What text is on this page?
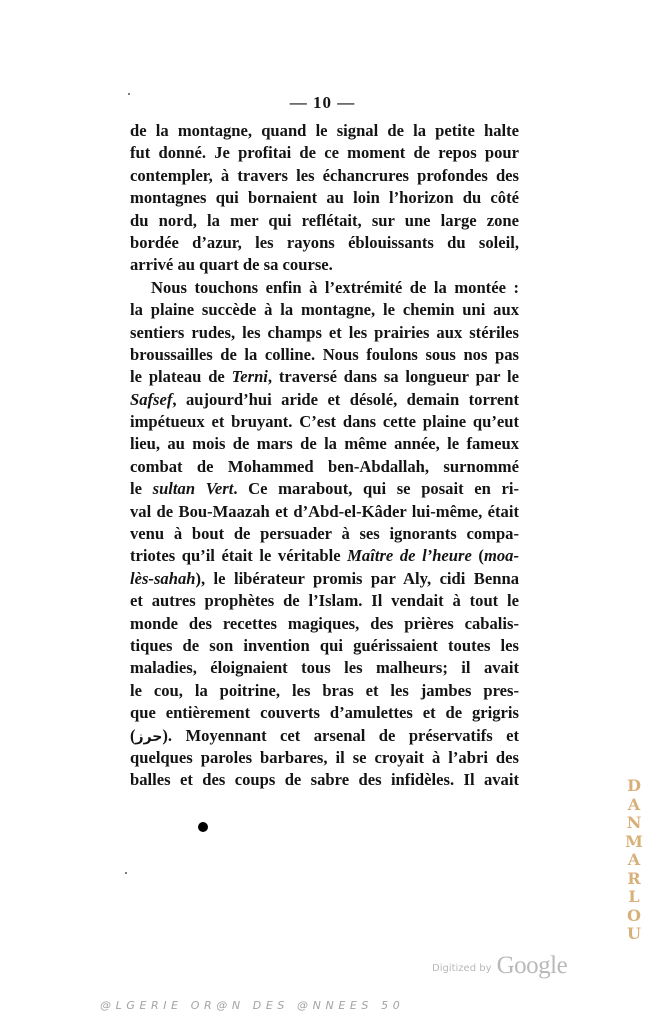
— 10 —
de la montagne, quand le signal de la petite halte
fut donné. Je profitai de ce moment de repos pour
contempler, à travers les échancrures profondes des
montagnes qui bornaient au loin l’horizon du côté
du nord, la mer qui reflétait, sur une large zone
bordée d’azur, les rayons éblouissants du soleil,
arrivé au quart de sa course.
Nous touchons enfin à l’extrémité de la montée :
la plaine succède à la montagne, le chemin uni aux
sentiers rudes, les champs et les prairies aux stériles
broussailles de la colline. Nous foulons sous nos pas
le plateau de Terni, traversé dans sa longueur par le
Safsef, aujourd’hui aride et désolé, demain torrent
impétueux et bruyant. C’est dans cette plaine qu’eut
lieu, au mois de mars de la même année, le fameux
combat de Mohammed ben-Abdallah, surnommé
le sultan Vert. Ce marabout, qui se posait en ri-
val de Bou-Maazah et d’Abd-el-Kâder lui-même, était
venu à bout de persuader à ses ignorants compa-
triotes qu’il était le véritable Maître de l’heure (moa-
lès-sahah), le libérateur promis par Aly, cidi Benna
et autres prophètes de l’Islam. Il vendait à tout le
monde des recettes magiques, des prières cabalis-
tiques de son invention qui guérissaient toutes les
maladies, éloignaient tous les malheurs; il avait
le cou, la poitrine, les bras et les jambes pres-
que entièrement couverts d’amulettes et de grigris
(حرز). Moyennant cet arsenal de préservatifs et
quelques paroles barbares, il se croyait à l’abri des
balles et des coups de sabre des infidèles. Il avait	D
A
N
M
A
R
L
O
U
Digitized by Google
@LGERIE OR@N DES @NNEES 50
